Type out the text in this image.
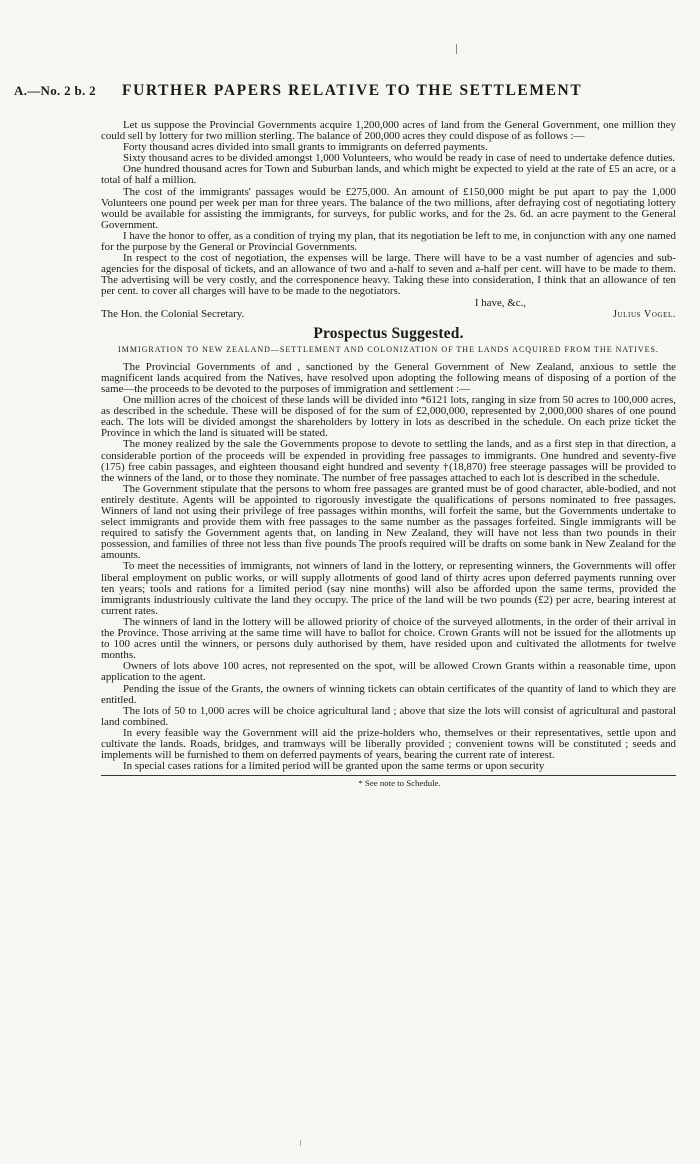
A.—No. 2 b. 2	FURTHER PAPERS RELATIVE TO THE SETTLEMENT

Let us suppose the Provincial Governments acquire 1,200,000 acres of land from the General Government, one million they could sell by lottery for two million sterling. The balance of 200,000 acres they could dispose of as follows :—

Forty thousand acres divided into small grants to immigrants on deferred payments.

Sixty thousand acres to be divided amongst 1,000 Volunteers, who would be ready in case of need to undertake defence duties.

One hundred thousand acres for Town and Suburban lands, and which might be expected to yield at the rate of £5 an acre, or a total of half a million.

The cost of the immigrants' passages would be £275,000. An amount of £150,000 might be put apart to pay the 1,000 Volunteers one pound per week per man for three years. The balance of the two millions, after defraying cost of negotiating lottery would be available for assisting the immigrants, for surveys, for public works, and for the 2s. 6d. an acre payment to the General Government.

I have the honor to offer, as a condition of trying my plan, that its negotiation be left to me, in conjunction with any one named for the purpose by the General or Provincial Governments.

In respect to the cost of negotiation, the expenses will be large. There will have to be a vast number of agencies and sub-agencies for the disposal of tickets, and an allowance of two and a-half to seven and a-half per cent. will have to be made to them. The advertising will be very costly, and the corresponence heavy. Taking these into consideration, I think that an allowance of ten per cent. to cover all charges will have to be made to the negotiators.

I have, &c.,

The Hon. the Colonial Secretary.	Julius Vogel.
Prospectus Suggested.
IMMIGRATION TO NEW ZEALAND—SETTLEMENT AND COLONIZATION OF THE LANDS ACQUIRED FROM THE NATIVES.

The Provincial Governments of and , sanctioned by the General Government of New Zealand, anxious to settle the magnificent lands acquired from the Natives, have resolved upon adopting the following means of disposing of a portion of the same—the proceeds to be devoted to the purposes of immigration and settlement :—

One million acres of the choicest of these lands will be divided into *6121 lots, ranging in size from 50 acres to 100,000 acres, as described in the schedule. These will be disposed of for the sum of £2,000,000, represented by 2,000,000 shares of one pound each. The lots will be divided amongst the shareholders by lottery in lots as described in the schedule. On each prize ticket the Province in which the land is situated will be stated.

The money realized by the sale the Governments propose to devote to settling the lands, and as a first step in that direction, a considerable portion of the proceeds will be expended in providing free passages to immigrants. One hundred and seventy-five (175) free cabin passages, and eighteen thousand eight hundred and seventy †(18,870) free steerage passages will be provided to the winners of the land, or to those they nominate. The number of free passages attached to each lot is described in the schedule.

The Government stipulate that the persons to whom free passages are granted must be of good character, able-bodied, and not entirely destitute. Agents will be appointed to rigorously investigate the qualifications of persons nominated to free passages. Winners of land not using their privilege of free passages within months, will forfeit the same, but the Governments undertake to select immigrants and provide them with free passages to the same number as the passages forfeited. Single immigrants will be required to satisfy the Government agents that, on landing in New Zealand, they will have not less than two pounds in their possession, and families of three not less than five pounds The proofs required will be drafts on some bank in New Zealand for the amounts.

To meet the necessities of immigrants, not winners of land in the lottery, or representing winners, the Governments will offer liberal employment on public works, or will supply allotments of good land of thirty acres upon deferred payments running over ten years; tools and rations for a limited period (say nine months) will also be afforded upon the same terms, provided the immigrants industriously cultivate the land they occupy. The price of the land will be two pounds (£2) per acre, bearing interest at current rates.

The winners of land in the lottery will be allowed priority of choice of the surveyed allotments, in the order of their arrival in the Province. Those arriving at the same time will have to ballot for choice. Crown Grants will not be issued for the allotments up to 100 acres until the winners, or persons duly authorised by them, have resided upon and cultivated the allotments for twelve months.

Owners of lots above 100 acres, not represented on the spot, will be allowed Crown Grants within a reasonable time, upon application to the agent.

Pending the issue of the Grants, the owners of winning tickets can obtain certificates of the quantity of land to which they are entitled.

The lots of 50 to 1,000 acres will be choice agricultural land ; above that size the lots will consist of agricultural and pastoral land combined.

In every feasible way the Government will aid the prize-holders who, themselves or their representatives, settle upon and cultivate the lands. Roads, bridges, and tramways will be liberally provided ; convenient towns will be constituted ; seeds and implements will be furnished to them on deferred payments of years, bearing the current rate of interest.

In special cases rations for a limited period will be granted upon the same terms or upon security

* See note to Schedule.
